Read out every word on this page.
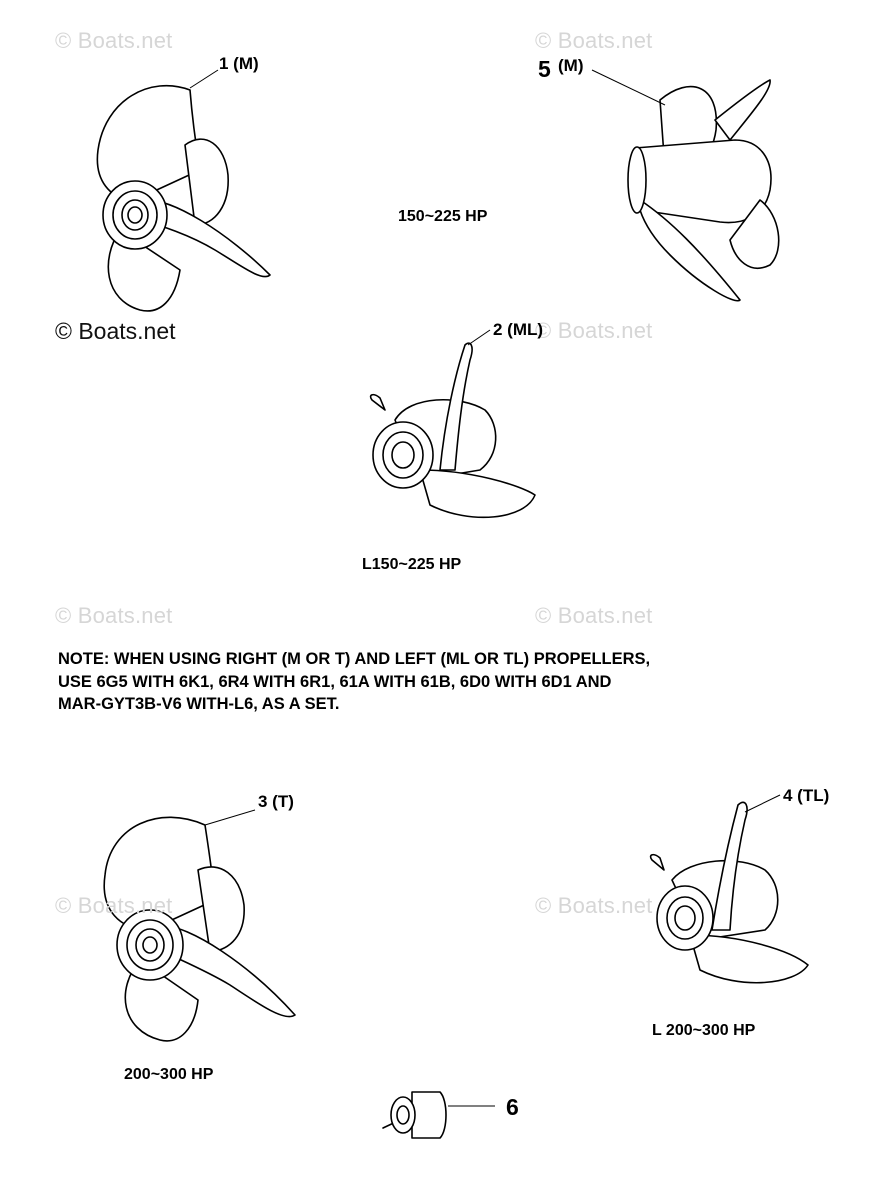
© Boats.net	© Boats.net
© Boats.net	© Boats.net
© Boats.net	© Boats.net
© Boats.net	© Boats.net
1 (M)	5 (M)
2 (ML)
3 (T)	4 (TL)
6
150~225 HP
L150~225 HP
200~300 HP
L 200~300 HP
NOTE: WHEN USING RIGHT (M OR T) AND LEFT (ML OR TL) PROPELLERS,
USE 6G5 WITH 6K1, 6R4 WITH 6R1, 61A WITH 61B, 6D0 WITH 6D1 AND
MAR-GYT3B-V6 WITH-L6, AS A SET.
